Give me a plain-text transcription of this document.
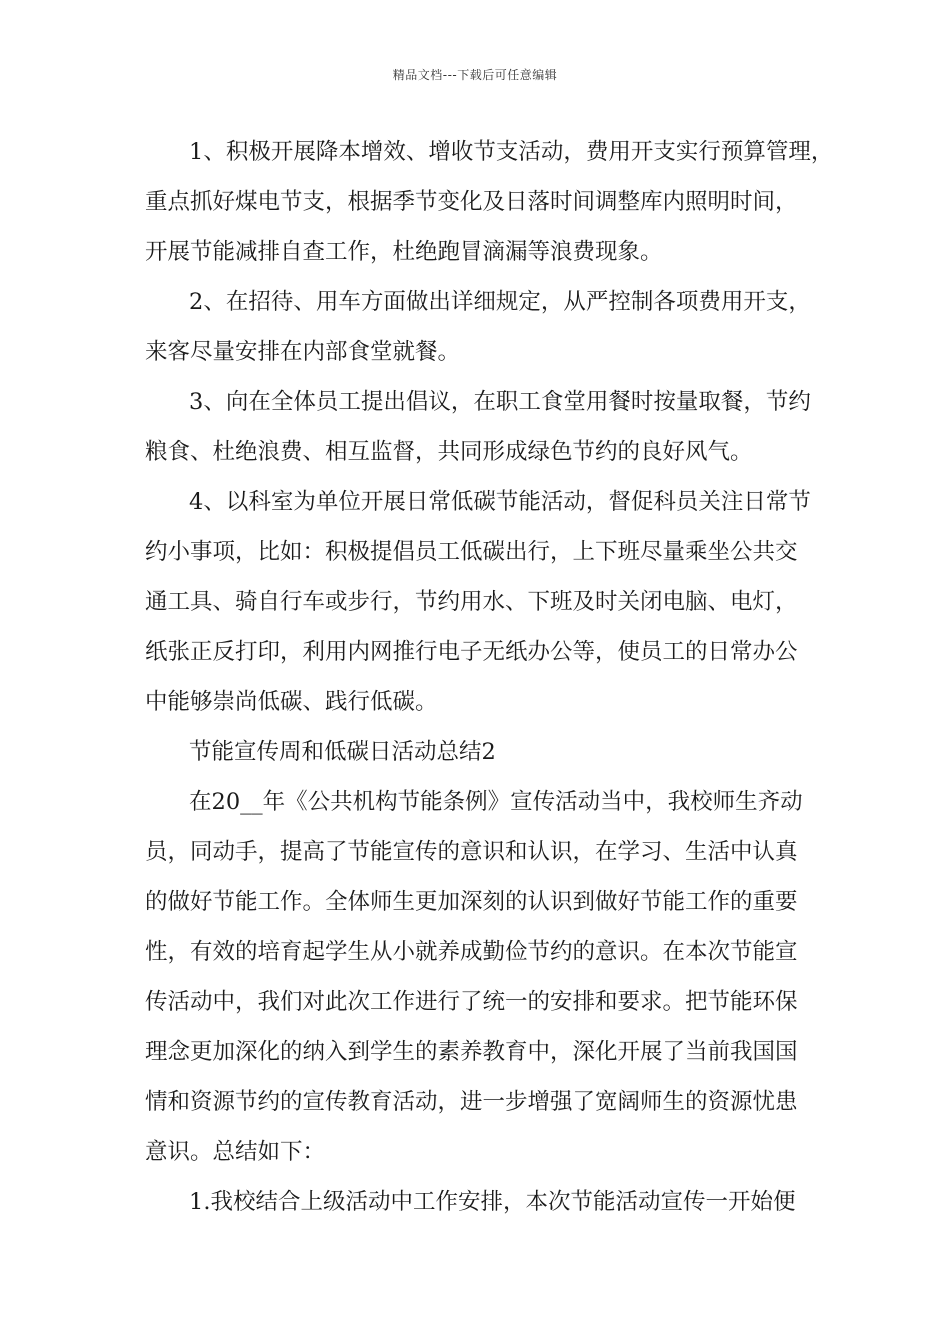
精品文档---下载后可任意编辑
1、积极开展降本增效、增收节支活动，费用开支实行预算管理，
重点抓好煤电节支，根据季节变化及日落时间调整库内照明时间，
开展节能减排自查工作，杜绝跑冒滴漏等浪费现象。
2、在招待、用车方面做出详细规定，从严控制各项费用开支，
来客尽量安排在内部食堂就餐。
3、向在全体员工提出倡议，在职工食堂用餐时按量取餐，节约
粮食、杜绝浪费、相互监督，共同形成绿色节约的良好风气。
4、以科室为单位开展日常低碳节能活动，督促科员关注日常节
约小事项，比如：积极提倡员工低碳出行，上下班尽量乘坐公共交
通工具、骑自行车或步行，节约用水、下班及时关闭电脑、电灯，
纸张正反打印，利用内网推行电子无纸办公等，使员工的日常办公
中能够崇尚低碳、践行低碳。
节能宣传周和低碳日活动总结2
在20__年《公共机构节能条例》宣传活动当中，我校师生齐动
员，同动手，提高了节能宣传的意识和认识，在学习、生活中认真
的做好节能工作。全体师生更加深刻的认识到做好节能工作的重要
性，有效的培育起学生从小就养成勤俭节约的意识。在本次节能宣
传活动中，我们对此次工作进行了统一的安排和要求。把节能环保
理念更加深化的纳入到学生的素养教育中，深化开展了当前我国国
情和资源节约的宣传教育活动，进一步增强了宽阔师生的资源忧患
意识。总结如下：
1.我校结合上级活动中工作安排，本次节能活动宣传一开始便
